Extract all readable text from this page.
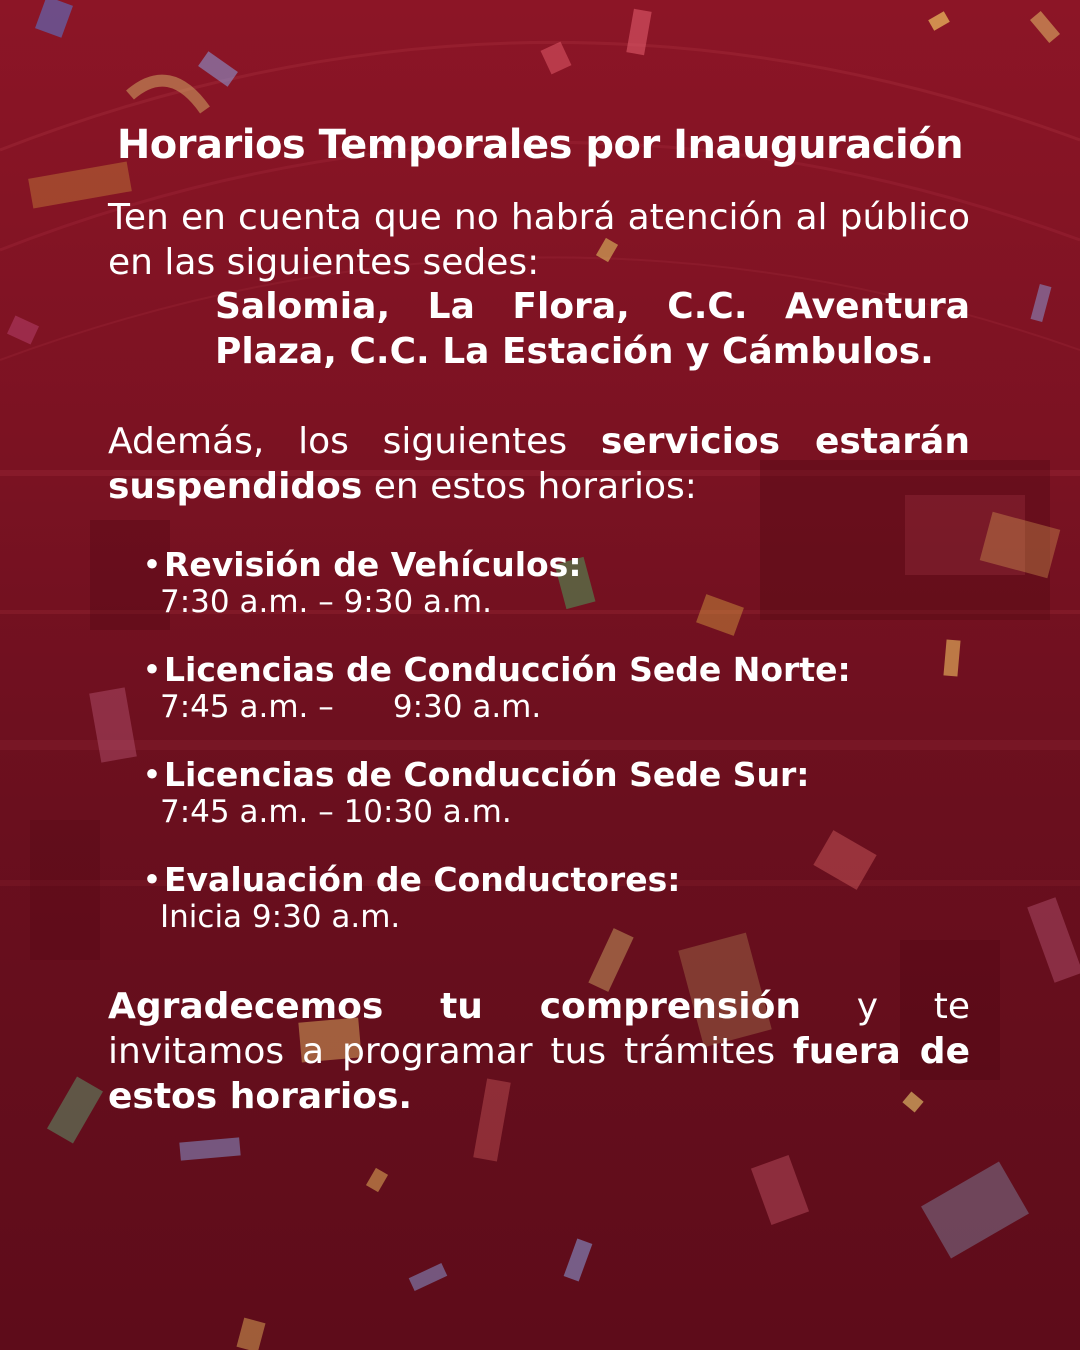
Horarios Temporales por Inauguración

Ten en cuenta que no habrá atención al público en las siguientes sedes:

Salomia, La Flora, C.C. Aventura Plaza, C.C. La Estación y Cámbulos.

Además, los siguientes servicios estarán suspendidos en estos horarios:

• Revisión de Vehículos:
7:30 a.m. – 9:30 a.m.
• Licencias de Conducción Sede Norte:
7:45 a.m. –      9:30 a.m.
• Licencias de Conducción Sede Sur:
7:45 a.m. – 10:30 a.m.
• Evaluación de Conductores:
Inicia 9:30 a.m.

Agradecemos tu comprensión y te invitamos a programar tus trámites fuera de estos horarios.
